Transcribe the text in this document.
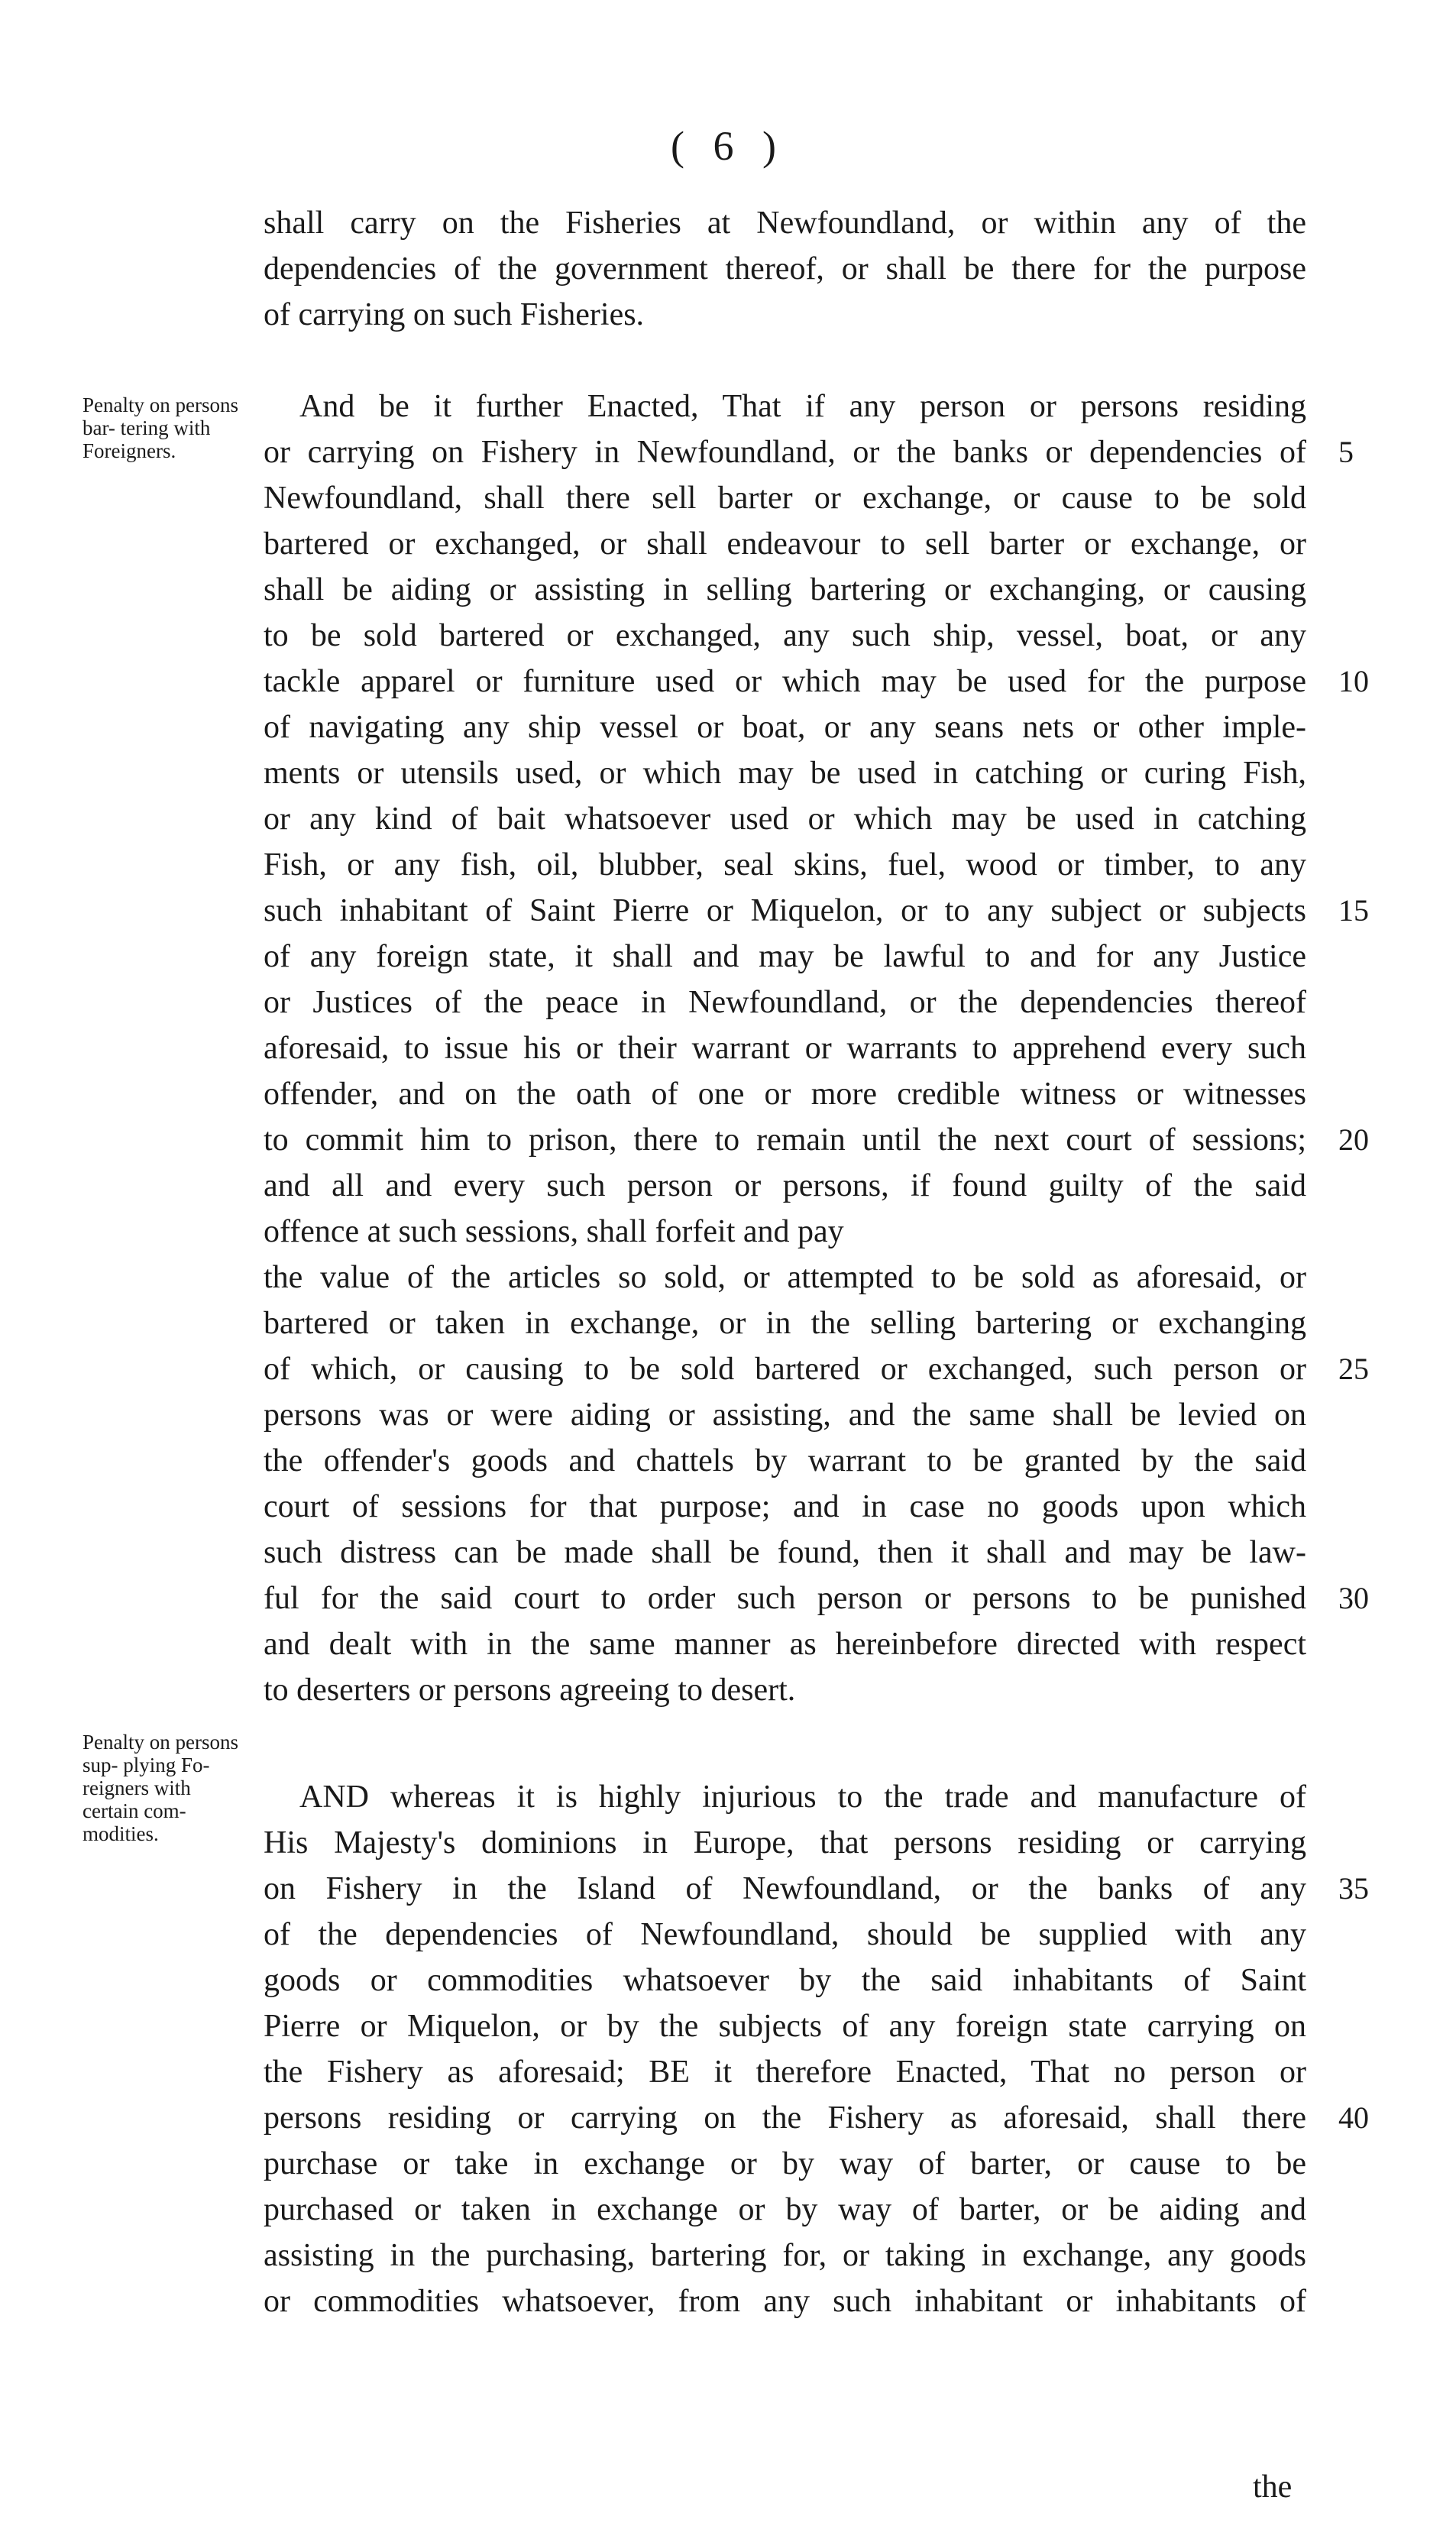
( 6 )
Penalty on persons bar- tering with Foreigners.
Penalty on persons sup- plying Fo- reigners with certain com- modities.
shall carry on the Fisheries at Newfoundland, or within any of the
dependencies of the government thereof, or shall be there for the purpose
of carrying on such Fisheries.
And be it further Enacted, That if any person or persons residing
or carrying on Fishery in Newfoundland, or the banks or dependencies of
Newfoundland, shall there sell barter or exchange, or cause to be sold
bartered or exchanged, or shall endeavour to sell barter or exchange, or
shall be aiding or assisting in selling bartering or exchanging, or causing
to be sold bartered or exchanged, any such ship, vessel, boat, or any
tackle apparel or furniture used or which may be used for the purpose
of navigating any ship vessel or boat, or any seans nets or other imple-
ments or utensils used, or which may be used in catching or curing Fish,
or any kind of bait whatsoever used or which may be used in catching
Fish, or any fish, oil, blubber, seal skins, fuel, wood or timber, to any
such inhabitant of Saint Pierre or Miquelon, or to any subject or subjects
of any foreign state, it shall and may be lawful to and for any Justice
or Justices of the peace in Newfoundland, or the dependencies thereof
aforesaid, to issue his or their warrant or warrants to apprehend every such
offender, and on the oath of one or more credible witness or witnesses
to commit him to prison, there to remain until the next court of sessions;
and all and every such person or persons, if found guilty of the said
offence at such sessions, shall forfeit and pay
the value of the articles so sold, or attempted to be sold as aforesaid, or
bartered or taken in exchange, or in the selling bartering or exchanging
of which, or causing to be sold bartered or exchanged, such person or
persons was or were aiding or assisting, and the same shall be levied on
the offender's goods and chattels by warrant to be granted by the said
court of sessions for that purpose; and in case no goods upon which
such distress can be made shall be found, then it shall and may be law-
ful for the said court to order such person or persons to be punished
and dealt with in the same manner as hereinbefore directed with respect
to deserters or persons agreeing to desert.
AND whereas it is highly injurious to the trade and manufacture of
His Majesty's dominions in Europe, that persons residing or carrying
on Fishery in the Island of Newfoundland, or the banks of any
of the dependencies of Newfoundland, should be supplied with any
goods or commodities whatsoever by the said inhabitants of Saint
Pierre or Miquelon, or by the subjects of any foreign state carrying on
the Fishery as aforesaid; BE it therefore Enacted, That no person or
persons residing or carrying on the Fishery as aforesaid, shall there
purchase or take in exchange or by way of barter, or cause to be
purchased or taken in exchange or by way of barter, or be aiding and
assisting in the purchasing, bartering for, or taking in exchange, any goods
or commodities whatsoever, from any such inhabitant or inhabitants of
5
10
15
20
25
30
35
40
the
